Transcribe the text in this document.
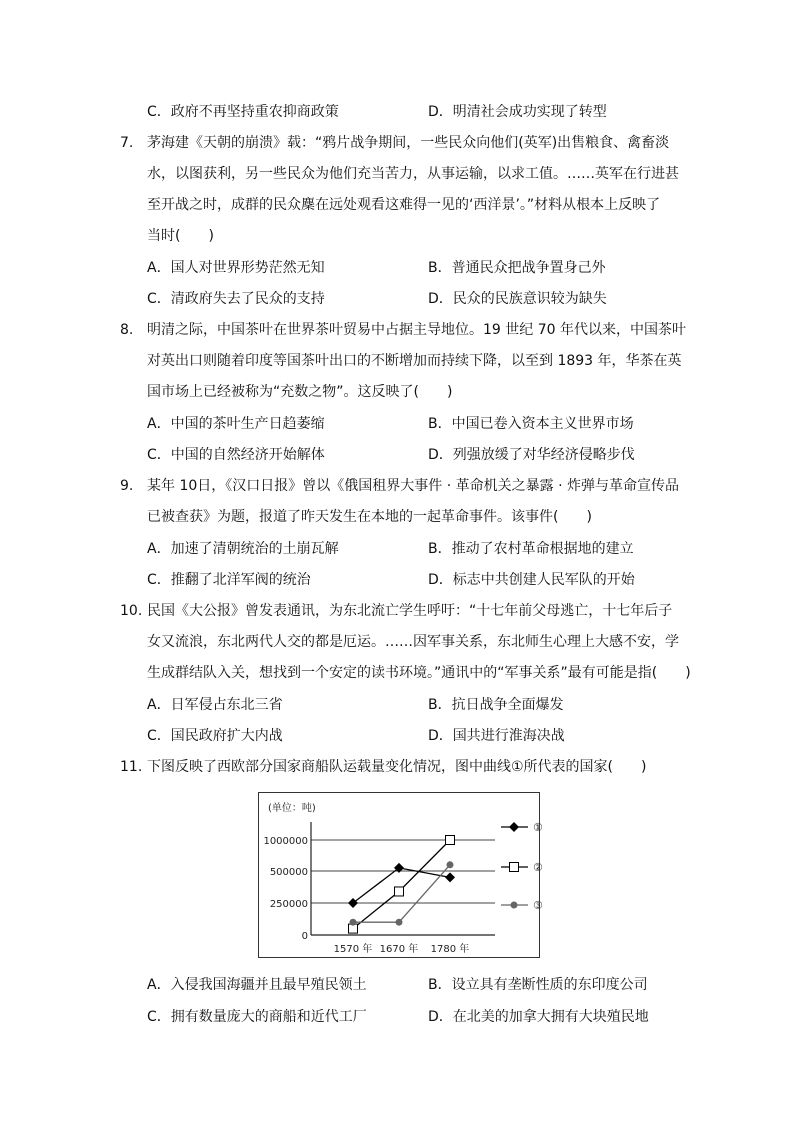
C．政府不再坚持重农抑商政策	D．明清社会成功实现了转型
7. 茅海建《天朝的崩溃》载：“鸦片战争期间，一些民众向他们(英军)出售粮食、禽畜淡
水，以图获利，另一些民众为他们充当苦力，从事运输，以求工值。……英军在行进甚
至开战之时，成群的民众麇在远处观看这难得一见的‘西洋景’。”材料从根本上反映了
当时(　　)
A．国人对世界形势茫然无知	B．普通民众把战争置身己外
C．清政府失去了民众的支持	D．民众的民族意识较为缺失
8. 明清之际，中国茶叶在世界茶叶贸易中占据主导地位。19 世纪 70 年代以来，中国茶叶
对英出口则随着印度等国茶叶出口的不断增加而持续下降，以至到 1893 年，华茶在英
国市场上已经被称为“充数之物”。这反映了(　　)
A．中国的茶叶生产日趋萎缩	B．中国已卷入资本主义世界市场
C．中国的自然经济开始解体	D．列强放缓了对华经济侵略步伐
9. 某年 10日，《汉口日报》曾以《俄国租界大事件 · 革命机关之暴露 · 炸弹与革命宣传品
已被查获》为题，报道了昨天发生在本地的一起革命事件。该事件(　　)
A．加速了清朝统治的土崩瓦解	B．推动了农村革命根据地的建立
C．推翻了北洋军阀的统治	D．标志中共创建人民军队的开始
10. 民国《大公报》曾发表通讯，为东北流亡学生呼吁：“十七年前父母逃亡，十七年后子
女又流浪，东北两代人交的都是厄运。……因军事关系，东北师生心理上大感不安，学
生成群结队入关，想找到一个安定的读书环境。”通讯中的“军事关系”最有可能是指(　　)
A．日军侵占东北三省	B．抗日战争全面爆发
C．国民政府扩大内战	D．国共进行淮海决战
11. 下图反映了西欧部分国家商船队运载量变化情况，图中曲线①所代表的国家(　　)
(单位：吨)
1000000
500000
250000
0
1570 年 1670 年 1780 年
①
②
③
A．入侵我国海疆并且最早殖民领土	B．设立具有垄断性质的东印度公司
C．拥有数量庞大的商船和近代工厂	D．在北美的加拿大拥有大块殖民地
